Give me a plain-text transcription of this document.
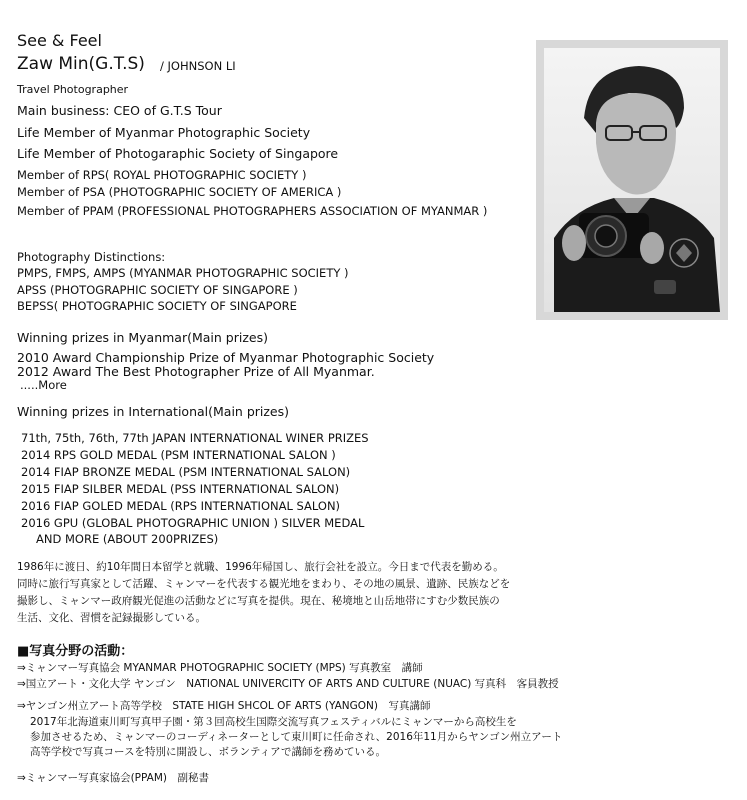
See & Feel
Zaw Min(G.T.S) / JOHNSON LI
Travel Photographer
Main business: CEO of G.T.S Tour
Life Member of Myanmar Photographic Society
Life Member of Photogaraphic Society of Singapore
Member of RPS( ROYAL PHOTOGRAPHIC SOCIETY )
Member of PSA (PHOTOGRAPHIC SOCIETY OF AMERICA )
Member of PPAM (PROFESSIONAL PHOTOGRAPHERS ASSOCIATION OF MYANMAR )
Photography Distinctions:
PMPS, FMPS, AMPS (MYANMAR PHOTOGRAPHIC SOCIETY )
APSS (PHOTOGRAPHIC SOCIETY OF SINGAPORE )
BEPSS( PHOTOGRAPHIC SOCIETY OF SINGAPORE
Winning prizes in Myanmar(Main prizes)
2010 Award Championship Prize of Myanmar Photographic Society
2012 Award The Best Photographer Prize of All Myanmar.
.....More
Winning prizes in International(Main prizes)
71th, 75th, 76th, 77th JAPAN INTERNATIONAL WINER PRIZES
2014 RPS GOLD MEDAL (PSM INTERNATIONAL SALON )
2014 FIAP BRONZE MEDAL (PSM INTERNATIONAL SALON)
2015 FIAP SILBER MEDAL (PSS INTERNATIONAL SALON)
2016 FIAP GOLED MEDAL (RPS INTERNATIONAL SALON)
2016 GPU (GLOBAL PHOTOGRAPHIC UNION ) SILVER MEDAL
AND MORE (ABOUT 200PRIZES)
1986年に渡日、約10年間日本留学と就職、1996年帰国し、旅行会社を設立。今日まで代表を勤める。
同時に旅行写真家として活躍、ミャンマーを代表する観光地をまわり、その地の風景、遺跡、民族などを
撮影し、ミャンマー政府観光促進の活動などに写真を提供。現在、秘境地と山岳地帯にすむ少数民族の
生活、文化、習慣を記録撮影している。
■写真分野の活動：
⇒ミャンマー写真協会 MYANMAR PHOTOGRAPHIC SOCIETY (MPS) 写真教室　講師
⇒国立アート・文化大学 ヤンゴン　NATIONAL UNIVERCITY OF ARTS AND CULTURE (NUAC) 写真科　客員教授
⇒ヤンゴン州立アート高等学校　STATE HIGH SHCOL OF ARTS (YANGON)　写真講師
2017年北海道東川町写真甲子園・第３回高校生国際交流写真フェスティバルにミャンマーから高校生を
参加させるため、ミャンマーのコーディネーターとして東川町に任命され、2016年11月からヤンゴン州立アート
高等学校で写真コースを特別に開設し、ボランティアで講師を務めている。
⇒ミャンマー写真家協会(PPAM)　副秘書
